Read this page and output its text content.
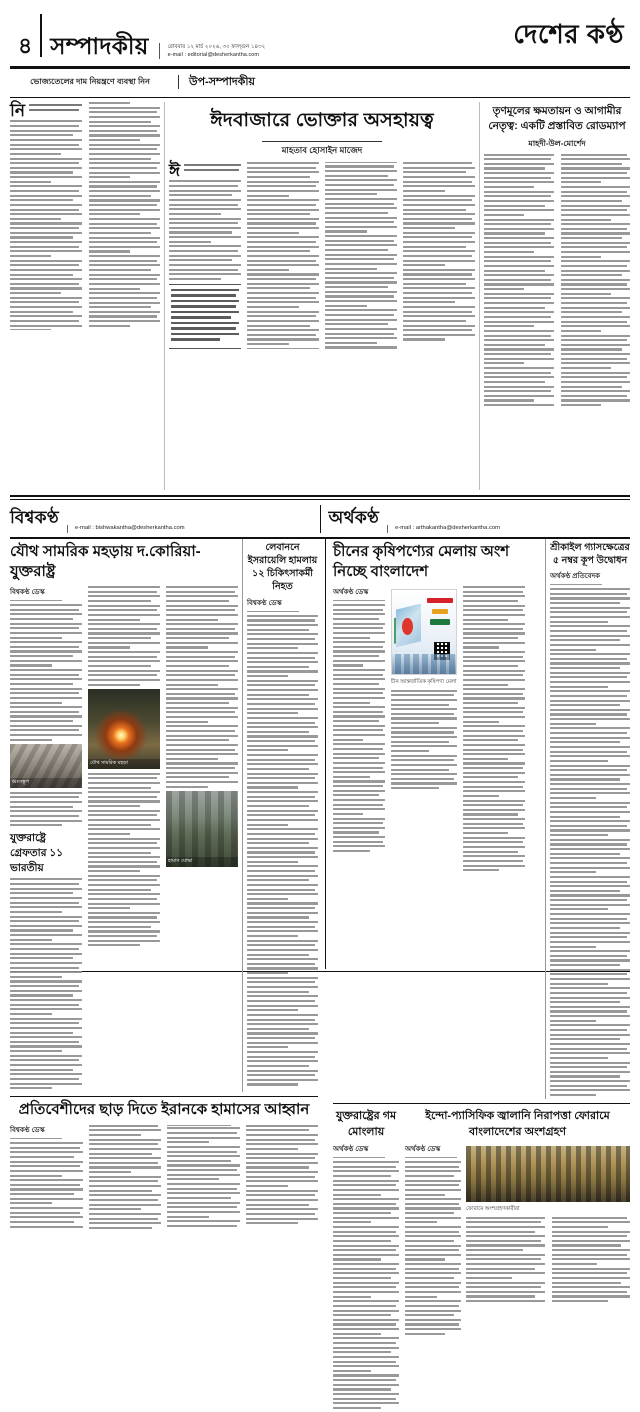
৪ সম্পাদকীয়	রোববার ১২ মার্চ ২০২৬, ৩০ ফাল্গুন ১৪৩২
e-mail : editorial@desherkantha.com
দেশের কণ্ঠ
ভোজ্যতেলের দাম নিয়ন্ত্রণে ব্যবস্থা নিন	উপ-সম্পাদকীয়
নি	ঈদবাজারে ভোক্তার অসহায়ত্ব
মাহতাব হোসাইন মাজেদ
ঈ
তৃণমূলের ক্ষমতায়ন ও আগামীর নেতৃত্ব: একটি প্রস্তাবিত রোডম্যাপ
মাহদী-উল-মোর্শেদ
বিশ্বকণ্ঠ
e-mail : bishwakantha@desherkantha.com
অর্থকণ্ঠ
e-mail : arthakantha@desherkantha.com
যৌথ সামরিক মহড়ায় দ.কোরিয়া-যুক্তরাষ্ট্র
বিশ্বকণ্ঠ ডেস্ক
ধ্বংসস্তূপ
যুক্তরাষ্ট্রে গ্রেফতার ১১ ভারতীয়
যৌথ সামরিক মহড়া
হামাস যোদ্ধা
লেবাননে ইসরায়েলি হামলায় ১২ চিকিৎসাকর্মী নিহত
বিশ্বকণ্ঠ ডেস্ক
প্রতিবেশীদের ছাড় দিতে ইরানকে হামাসের আহ্বান
বিশ্বকণ্ঠ ডেস্ক
চীনের কৃষিপণ্যের মেলায় অংশ নিচ্ছে বাংলাদেশ
অর্থকণ্ঠ ডেস্ক
চীন আন্তর্জাতিক কৃষিপণ্য মেলা
শ্রীকাইল গ্যাসক্ষেত্রের ৫ নম্বর কূপ উদ্বোধন
অর্থকণ্ঠ প্রতিবেদক
যুক্তরাষ্ট্রের গম মোংলায়
অর্থকণ্ঠ ডেস্ক
ইন্দো-প্যাসিফিক জ্বালানি নিরাপত্তা ফোরামে বাংলাদেশের অংশগ্রহণ
অর্থকণ্ঠ ডেস্ক
ফোরামে অংশগ্রহণকারীরা
